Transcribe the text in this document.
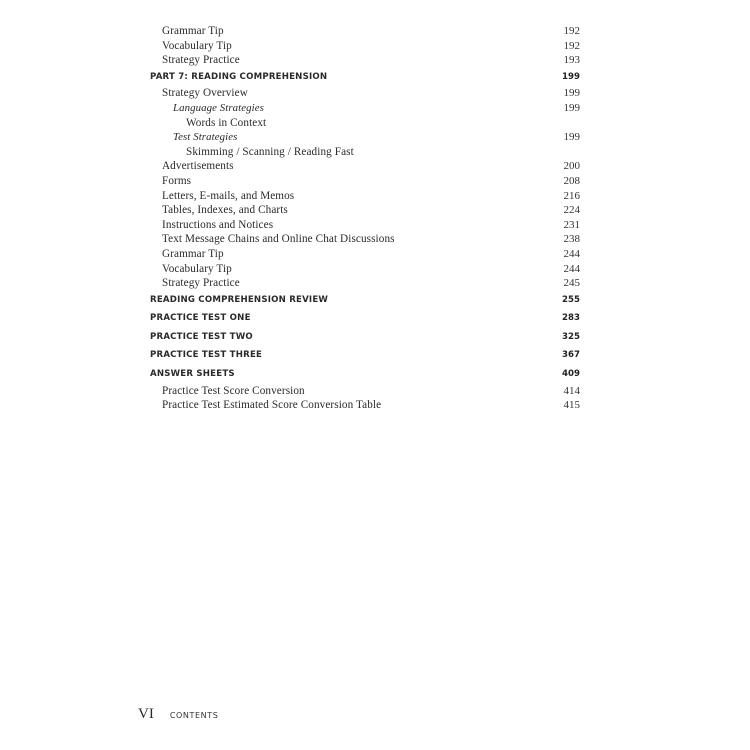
Grammar Tip	192
Vocabulary Tip	192
Strategy Practice	193
PART 7: READING COMPREHENSION	199
Strategy Overview	199
Language Strategies	199
Words in Context
Test Strategies	199
Skimming / Scanning / Reading Fast
Advertisements	200
Forms	208
Letters, E-mails, and Memos	216
Tables, Indexes, and Charts	224
Instructions and Notices	231
Text Message Chains and Online Chat Discussions	238
Grammar Tip	244
Vocabulary Tip	244
Strategy Practice	245
READING COMPREHENSION REVIEW	255
PRACTICE TEST ONE	283
PRACTICE TEST TWO	325
PRACTICE TEST THREE	367
ANSWER SHEETS	409
Practice Test Score Conversion	414
Practice Test Estimated Score Conversion Table	415
VI CONTENTS
